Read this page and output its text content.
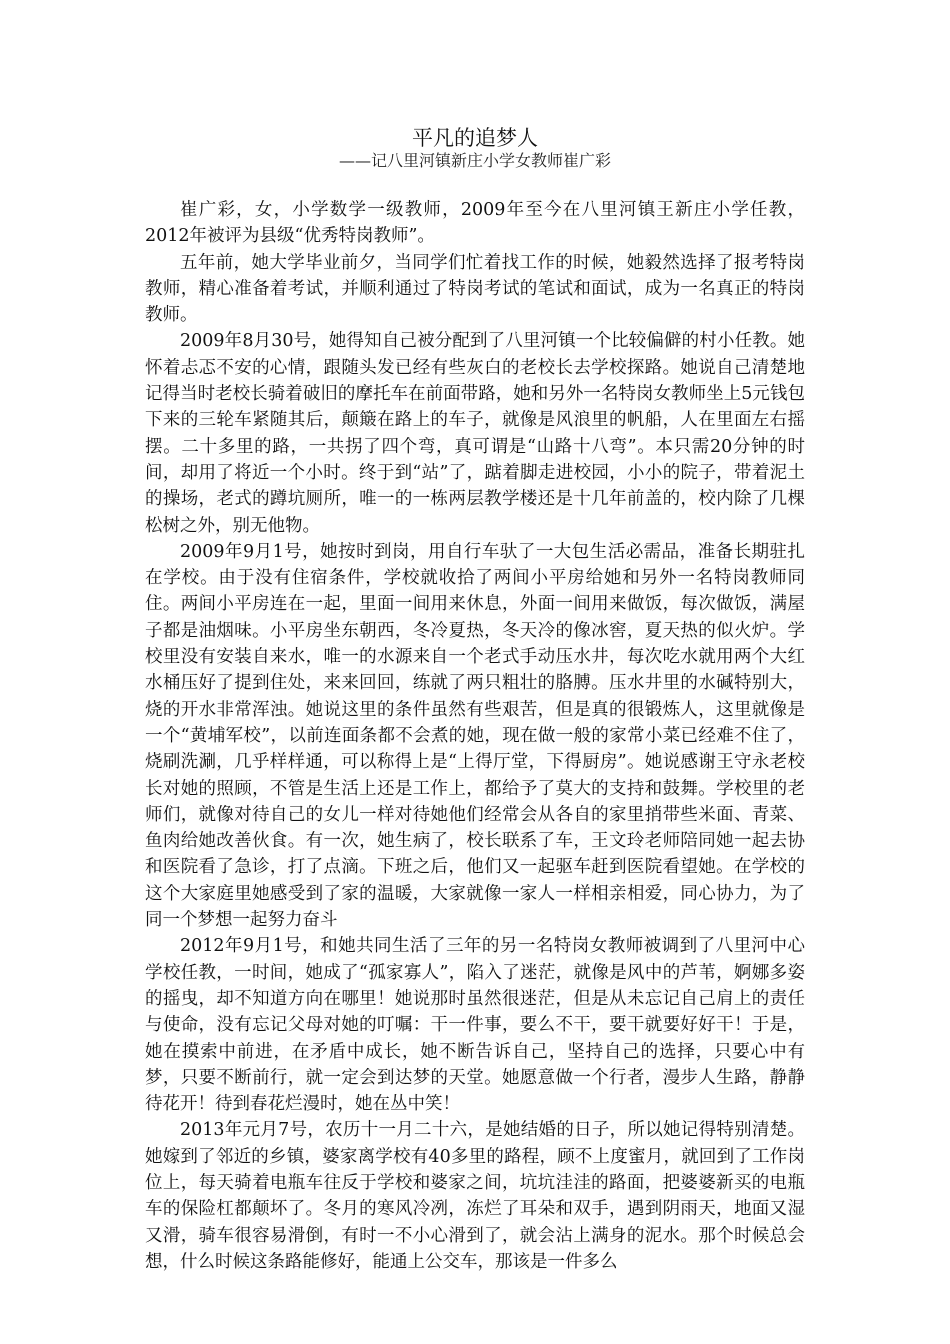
平凡的追梦人
——记八里河镇新庄小学女教师崔广彩

崔广彩，女，小学数学一级教师，2009年至今在八里河镇王新庄小学任教，2012年被评为县级“优秀特岗教师”。

五年前，她大学毕业前夕，当同学们忙着找工作的时候，她毅然选择了报考特岗教师，精心准备着考试，并顺利通过了特岗考试的笔试和面试，成为一名真正的特岗教师。

2009年8月30号，她得知自己被分配到了八里河镇一个比较偏僻的村小任教。她怀着忐忑不安的心情，跟随头发已经有些灰白的老校长去学校探路。她说自己清楚地记得当时老校长骑着破旧的摩托车在前面带路，她和另外一名特岗女教师坐上5元钱包下来的三轮车紧随其后，颠簸在路上的车子，就像是风浪里的帆船，人在里面左右摇摆。二十多里的路，一共拐了四个弯，真可谓是“山路十八弯”。本只需20分钟的时间，却用了将近一个小时。终于到“站”了，踮着脚走进校园，小小的院子，带着泥土的操场，老式的蹲坑厕所，唯一的一栋两层教学楼还是十几年前盖的，校内除了几棵松树之外，别无他物。

2009年9月1号，她按时到岗，用自行车驮了一大包生活必需品，准备长期驻扎在学校。由于没有住宿条件，学校就收拾了两间小平房给她和另外一名特岗教师同住。两间小平房连在一起，里面一间用来休息，外面一间用来做饭，每次做饭，满屋子都是油烟味。小平房坐东朝西，冬冷夏热，冬天冷的像冰窖，夏天热的似火炉。学校里没有安装自来水，唯一的水源来自一个老式手动压水井，每次吃水就用两个大红水桶压好了提到住处，来来回回，练就了两只粗壮的胳膊。压水井里的水碱特别大，烧的开水非常浑浊。她说这里的条件虽然有些艰苦，但是真的很锻炼人，这里就像是一个“黄埔军校”，以前连面条都不会煮的她，现在做一般的家常小菜已经难不住了，烧刷洗涮，几乎样样通，可以称得上是“上得厅堂，下得厨房”。她说感谢王守永老校长对她的照顾，不管是生活上还是工作上，都给予了莫大的支持和鼓舞。学校里的老师们，就像对待自己的女儿一样对待她他们经常会从各自的家里捎带些米面、青菜、鱼肉给她改善伙食。有一次，她生病了，校长联系了车，王文玲老师陪同她一起去协和医院看了急诊，打了点滴。下班之后，他们又一起驱车赶到医院看望她。在学校的这个大家庭里她感受到了家的温暖，大家就像一家人一样相亲相爱，同心协力，为了同一个梦想一起努力奋斗

2012年9月1号，和她共同生活了三年的另一名特岗女教师被调到了八里河中心学校任教，一时间，她成了“孤家寡人”，陷入了迷茫，就像是风中的芦苇，婀娜多姿的摇曳，却不知道方向在哪里！她说那时虽然很迷茫，但是从未忘记自己肩上的责任与使命，没有忘记父母对她的叮嘱：干一件事，要么不干，要干就要好好干！于是，她在摸索中前进，在矛盾中成长，她不断告诉自己，坚持自己的选择，只要心中有梦，只要不断前行，就一定会到达梦的天堂。她愿意做一个行者，漫步人生路，静静待花开！待到春花烂漫时，她在丛中笑！

2013年元月7号，农历十一月二十六，是她结婚的日子，所以她记得特别清楚。她嫁到了邻近的乡镇，婆家离学校有40多里的路程，顾不上度蜜月，就回到了工作岗位上，每天骑着电瓶车往反于学校和婆家之间，坑坑洼洼的路面，把婆婆新买的电瓶车的保险杠都颠坏了。冬月的寒风冷冽，冻烂了耳朵和双手，遇到阴雨天，地面又湿又滑，骑车很容易滑倒，有时一不小心滑到了，就会沾上满身的泥水。那个时候总会想，什么时候这条路能修好，能通上公交车，那该是一件多么
